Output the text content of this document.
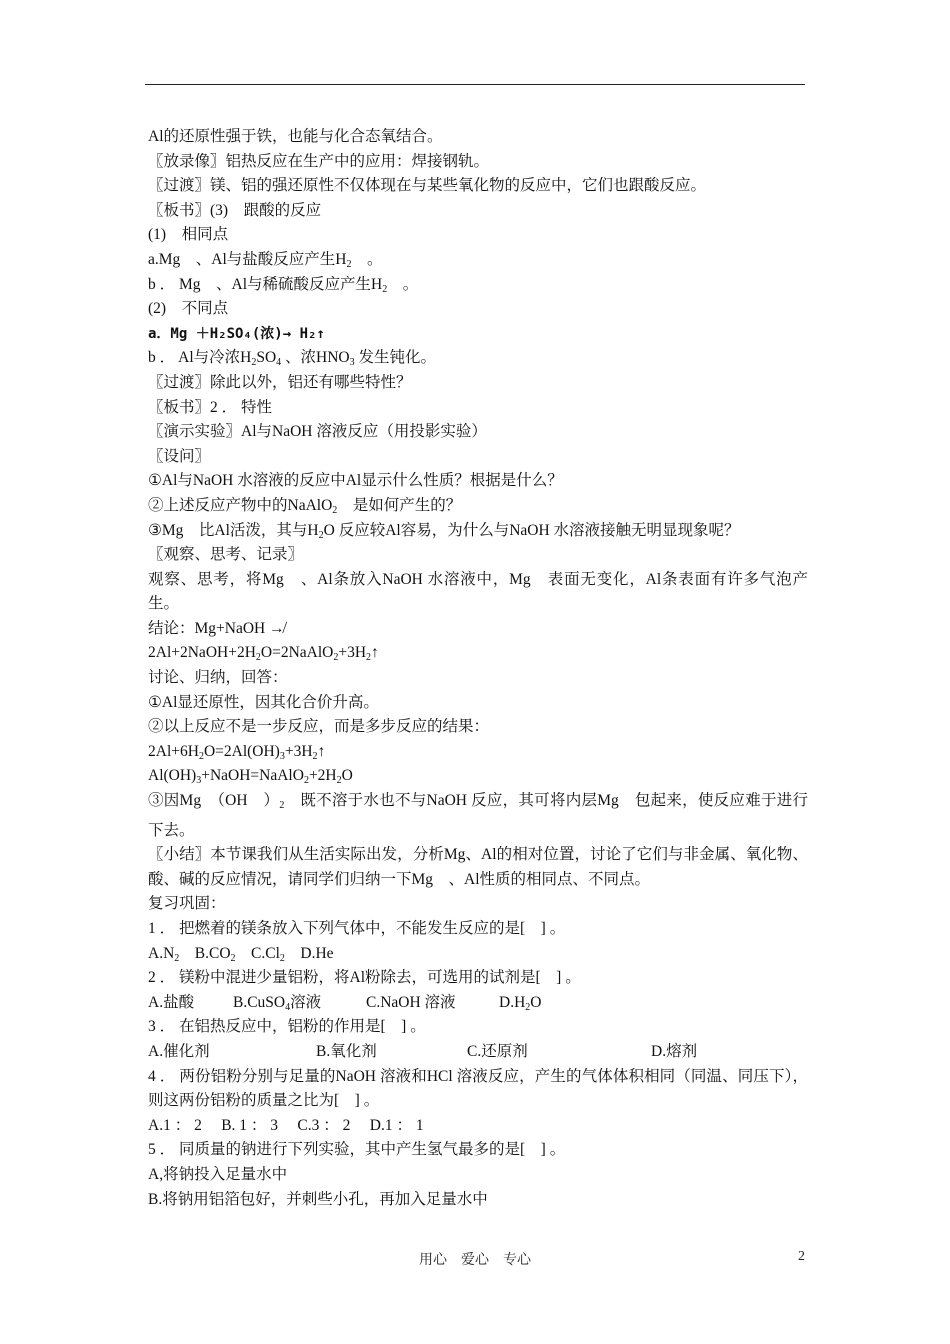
Al的还原性强于铁，也能与化合态氧结合。
〖放录像〗铝热反应在生产中的应用：焊接钢轨。
〖过渡〗镁、铝的强还原性不仅体现在与某些氧化物的反应中，它们也跟酸反应。
〖板书〗(3)　跟酸的反应
(1)　相同点
a.Mg　、Al与盐酸反应产生$H_2$　。
b ． Mg　、Al与稀硫酸反应产生$H_2$　。
(2)　不同点
a．Mg ＋H₂SO₄(浓)→ H₂↑
b ． Al与冷浓$H_2SO_4$ 、浓$HNO_3$ 发生钝化。
〖过渡〗除此以外，铝还有哪些特性？
〖板书〗2 ． 特性
〖演示实验〗Al与NaOH 溶液反应（用投影实验）
〖设问〗
①Al与NaOH 水溶液的反应中Al显示什么性质？根据是什么？
②上述反应产物中的NaAlO$_2$　是如何产生的？
③Mg　比Al活泼，其与$H_2O$ 反应较Al容易，为什么与NaOH 水溶液接触无明显现象呢？
〖观察、思考、记录〗
观察、思考，将Mg　、Al条放入NaOH 水溶液中，Mg　表面无变化，Al条表面有许多气泡产生。
结论：Mg+NaOH ↛
$2Al+2NaOH+2H_2O=2NaAlO_2+3H_2↑$
讨论、归纳，回答：
①Al显还原性，因其化合价升高。
②以上反应不是一步反应，而是多步反应的结果：
$2Al+6H_2O=2Al(OH)_3+3H_2↑$
$Al(OH)_3+NaOH=NaAlO_2+2H_2O$
③因Mg　（OH　）$_2$　既不溶于水也不与NaOH 反应，其可将内层Mg　包起来，使反应难于进行下去。
〖小结〗本节课我们从生活实际出发，分析Mg、Al的相对位置，讨论了它们与非金属、氧化物、酸、碱的反应情况，请同学们归纳一下Mg　、Al性质的相同点、不同点。
复习巩固：
1 ． 把燃着的镁条放入下列气体中，不能发生反应的是[　] 。
$A.N_2$　$B.CO_2$　$C.Cl_2$　D.He
2 ． 镁粉中混进少量铝粉，将Al粉除去，可选用的试剂是[　] 。
A.盐酸	B.CuSO4溶液	C.NaOH 溶液	D.H2O
3 ． 在铝热反应中，铝粉的作用是[　] 。
A.催化剂	B.氧化剂	C.还原剂	D.熔剂
4 ． 两份铝粉分别与足量的NaOH 溶液和HCl 溶液反应，产生的气体体积相同（同温、同压下），则这两份铝粉的质量之比为[　] 。
A.1 ： 2　 B. 1 ： 3　 C.3 ： 2　 D.1 ： 1
5 ． 同质量的钠进行下列实验，其中产生氢气最多的是[　] 。
A,将钠投入足量水中
B.将钠用铝箔包好，并刺些小孔，再加入足量水中
用心　爱心　专心	2
